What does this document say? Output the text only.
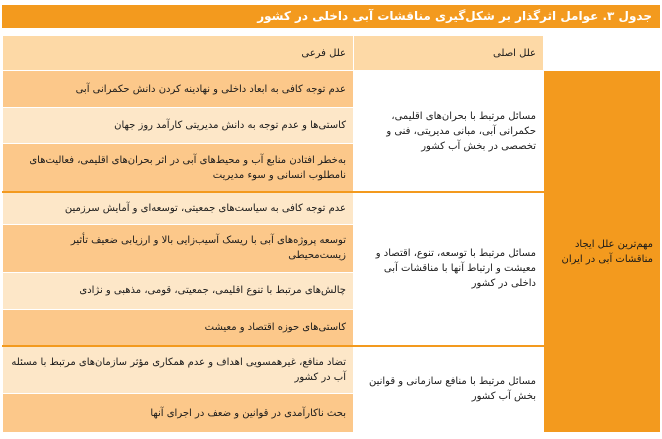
جدول ۳. عوامل اثرگذار بر شکل‌گیری مناقشات آبی داخلی در کشور
	علل اصلی	علل فرعی
مهم‌ترین علل ایجاد مناقشات آبی در ایران	مسائل مرتبط با بحران‌های اقلیمی، حکمرانی آبی، مبانی مدیریتی، فنی و تخصصی در بخش آب کشور	عدم توجه کافی به ابعاد داخلی و نهادینه کردن دانش حکمرانی آبی
		کاستی‌ها و عدم توجه به دانش مدیریتی کارآمد روز جهان
		به‌خطر افتادن منابع آب و محیط‌های آبی در اثر بحران‌های اقلیمی، فعالیت‌های نامطلوب انسانی و سوء مدیریت
	مسائل مرتبط با توسعه، تنوع، اقتصاد و معیشت و ارتباط آنها با مناقشات آبی داخلی در کشور	عدم توجه کافی به سیاست‌های جمعیتی، توسعه‌ای و آمایش سرزمین
		توسعه پروژه‌های آبی با ریسک آسیب‌زایی بالا و ارزیابی ضعیف تأثیر زیست‌محیطی
		چالش‌های مرتبط با تنوع اقلیمی، جمعیتی، قومی، مذهبی و نژادی
		کاستی‌های حوزه اقتصاد و معیشت
	مسائل مرتبط با منافع سازمانی و قوانین بخش آب کشور	تضاد منافع، غیرهمسویی اهداف و عدم همکاری مؤثر سازمان‌های مرتبط با مسئله آب در کشور
		بحث ناکارآمدی در قوانین و ضعف در اجرای آنها
